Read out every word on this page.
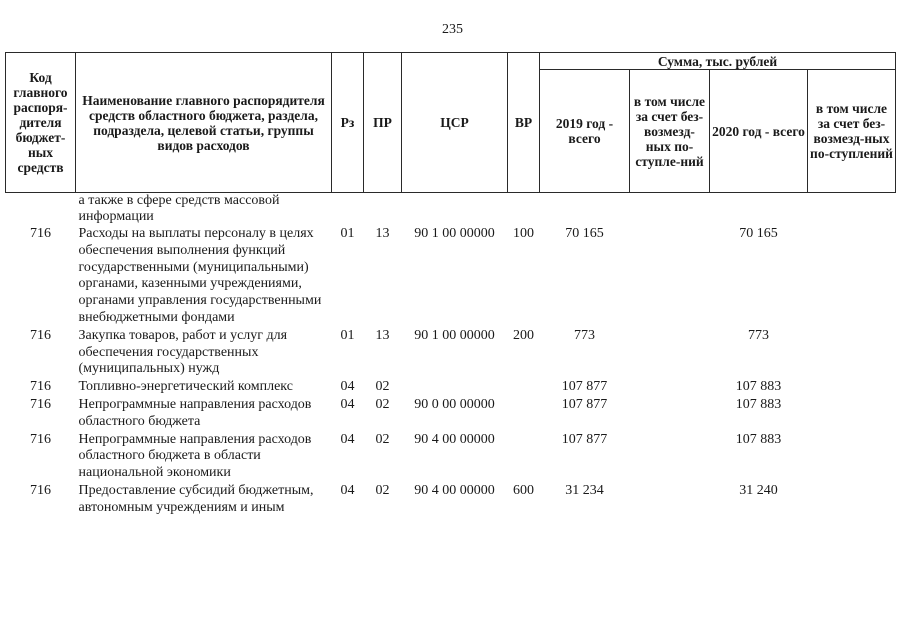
235
Код главного распоря-дителя бюджет-ных средств	Наименование главного распорядителя средств областного бюджета, раздела, подраздела, целевой статьи, группы видов расходов	Рз	ПР	ЦСР	ВР	Сумма, тыс. рублей			
						2019 год - всего	в том числе за счет без-возмезд-ных по-ступле-ний	2020 год - всего	в том числе за счет без-возмезд-ных по-ступлений
	а также в сфере средств массовой информации								
716	Расходы на выплаты персоналу в целях обеспечения выполнения функций государственными (муниципальными) органами, казенными учреждениями, органами управления государственными внебюджетными фондами	01	13	90 1 00 00000	100	70 165		70 165	
716	Закупка товаров, работ и услуг для обеспечения государственных (муниципальных) нужд	01	13	90 1 00 00000	200	773		773	
716	Топливно-энергетический комплекс	04	02			107 877		107 883	
716	Непрограммные направления расходов областного бюджета	04	02	90 0 00 00000		107 877		107 883	
716	Непрограммные направления расходов областного бюджета в области национальной экономики	04	02	90 4 00 00000		107 877		107 883	
716	Предоставление субсидий бюджетным, автономным учреждениям и иным	04	02	90 4 00 00000	600	31 234		31 240	
